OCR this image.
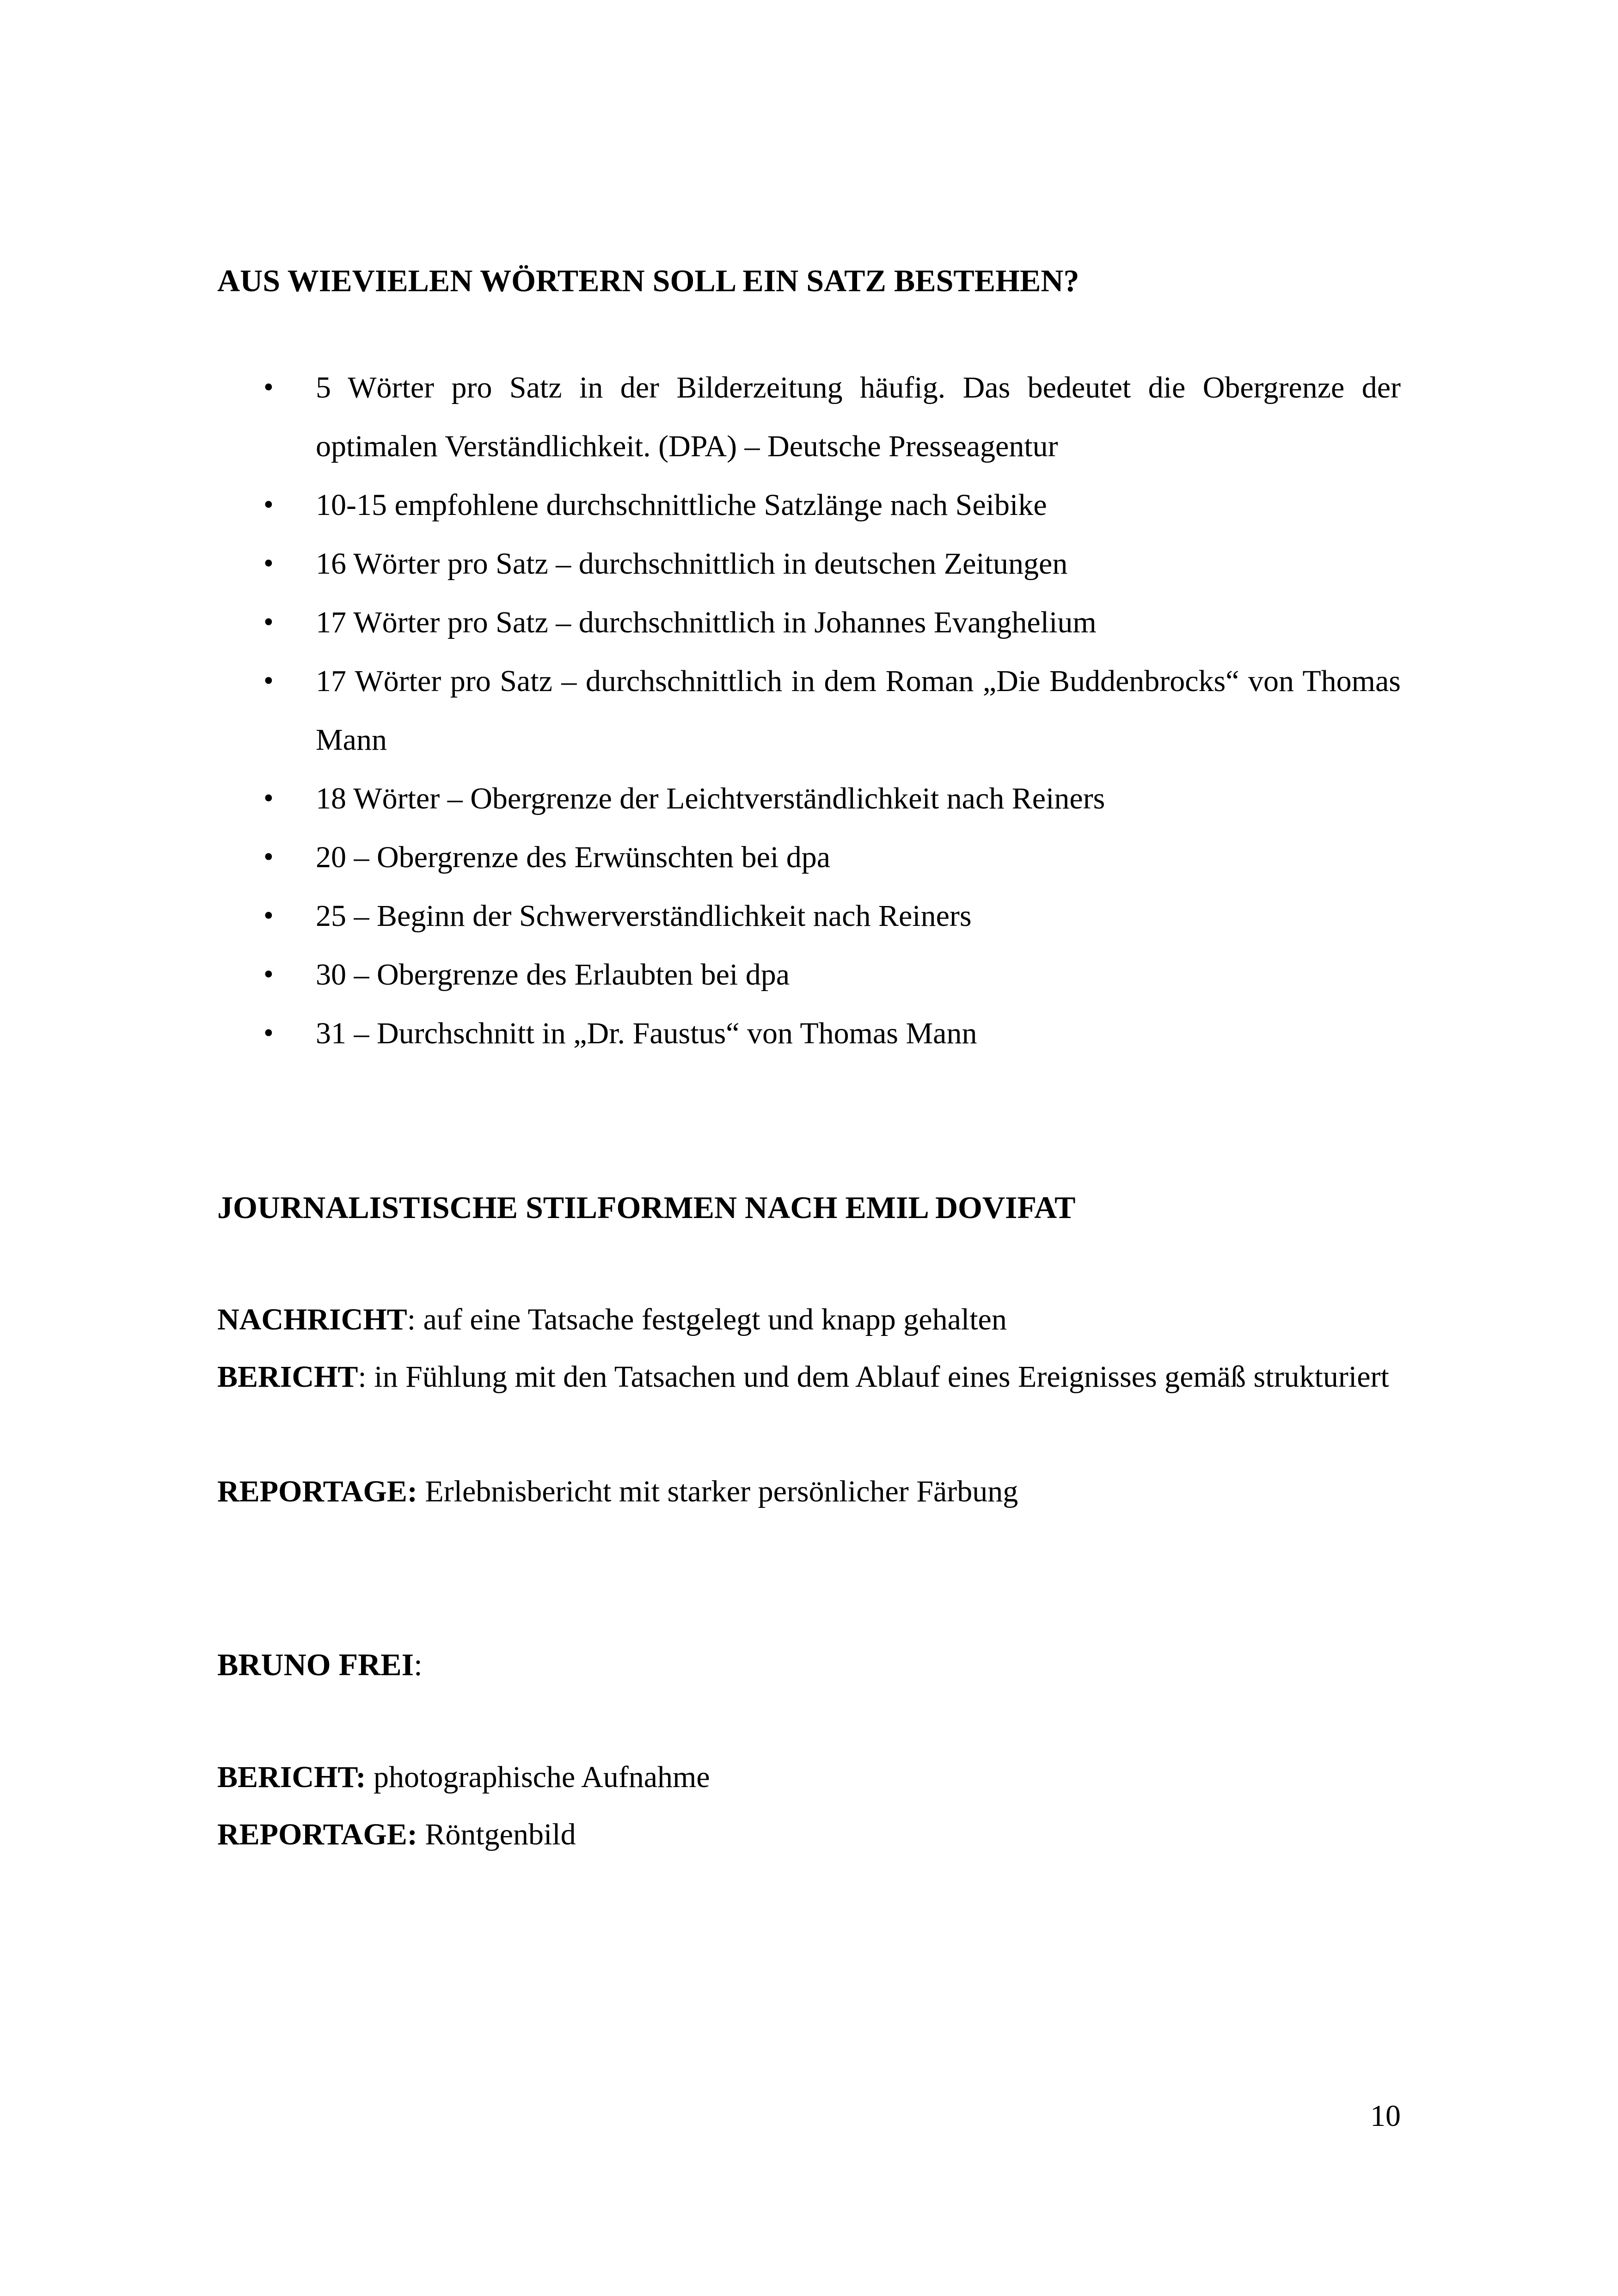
AUS WIEVIELEN WÖRTERN SOLL EIN SATZ BESTEHEN?
• 5 Wörter pro Satz in der Bilderzeitung häufig. Das bedeutet die Obergrenze der optimalen Verständlichkeit. (DPA) – Deutsche Presseagentur
• 10-15 empfohlene durchschnittliche Satzlänge nach Seibike
• 16 Wörter pro Satz – durchschnittlich in deutschen Zeitungen
• 17 Wörter pro Satz – durchschnittlich in Johannes Evanghelium
• 17 Wörter pro Satz – durchschnittlich in dem Roman „Die Buddenbrocks“ von Thomas Mann
• 18 Wörter – Obergrenze der Leichtverständlichkeit nach Reiners
• 20 – Obergrenze des Erwünschten bei dpa
• 25 – Beginn der Schwerverständlichkeit nach Reiners
• 30 – Obergrenze des Erlaubten bei dpa
• 31 – Durchschnitt in „Dr. Faustus“ von Thomas Mann
JOURNALISTISCHE STILFORMEN NACH EMIL DOVIFAT
NACHRICHT: auf eine Tatsache festgelegt und knapp gehalten
BERICHT: in Fühlung mit den Tatsachen und dem Ablauf eines Ereignisses gemäß strukturiert
REPORTAGE: Erlebnisbericht mit starker persönlicher Färbung
BRUNO FREI:
BERICHT: photographische Aufnahme
REPORTAGE: Röntgenbild
10
